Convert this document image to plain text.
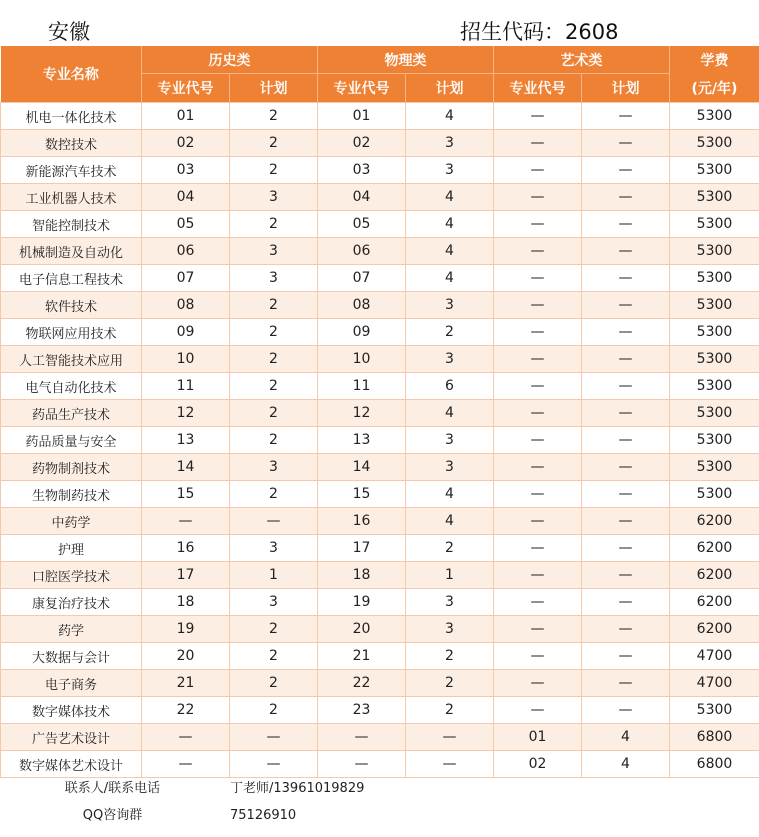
安徽	招生代码：2608
专业名称	历史类		物理类		艺术类		学费
	专业代号	计划	专业代号	计划	专业代号	计划	(元/年)
机电一体化技术	01	2	01	4	—	—	5300
数控技术	02	2	02	3	—	—	5300
新能源汽车技术	03	2	03	3	—	—	5300
工业机器人技术	04	3	04	4	—	—	5300
智能控制技术	05	2	05	4	—	—	5300
机械制造及自动化	06	3	06	4	—	—	5300
电子信息工程技术	07	3	07	4	—	—	5300
软件技术	08	2	08	3	—	—	5300
物联网应用技术	09	2	09	2	—	—	5300
人工智能技术应用	10	2	10	3	—	—	5300
电气自动化技术	11	2	11	6	—	—	5300
药品生产技术	12	2	12	4	—	—	5300
药品质量与安全	13	2	13	3	—	—	5300
药物制剂技术	14	3	14	3	—	—	5300
生物制药技术	15	2	15	4	—	—	5300
中药学	—	—	16	4	—	—	6200
护理	16	3	17	2	—	—	6200
口腔医学技术	17	1	18	1	—	—	6200
康复治疗技术	18	3	19	3	—	—	6200
药学	19	2	20	3	—	—	6200
大数据与会计	20	2	21	2	—	—	4700
电子商务	21	2	22	2	—	—	4700
数字媒体技术	22	2	23	2	—	—	5300
广告艺术设计	—	—	—	—	01	4	6800
数字媒体艺术设计	—	—	—	—	02	4	6800
联系人/联系电话	丁老师/13961019829
QQ咨询群	75126910
